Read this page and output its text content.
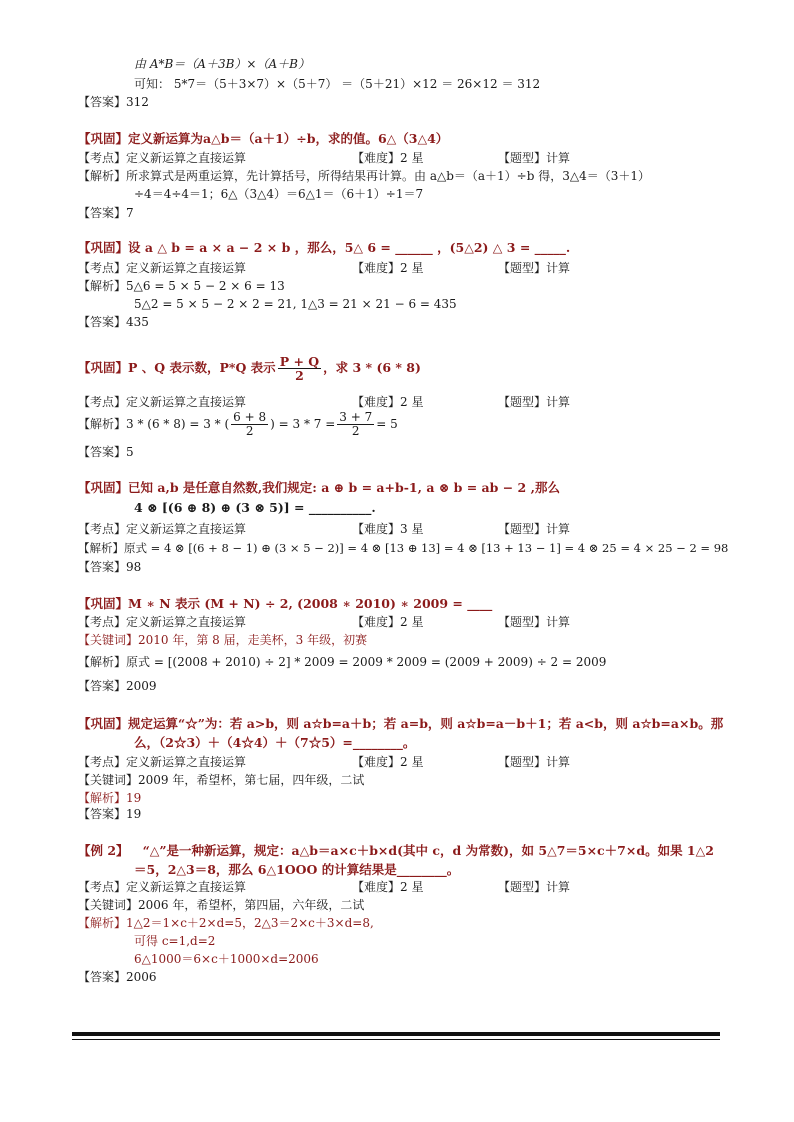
由 A*B＝（A＋3B）×（A＋B）
可知： 5*7＝（5＋3×7）×（5＋7） ＝（5＋21）×12 ＝ 26×12 ＝ 312
【答案】312
【巩固】定义新运算为a△b＝（a＋1）÷b，求的值。6△（3△4）
【考点】定义新运算之直接运算	【难度】2 星	【题型】计算
【解析】所求算式是两重运算，先计算括号，所得结果再计算。由 a△b＝（a＋1）÷b 得，3△4＝（3＋1）
÷4＝4÷4＝1；6△（3△4）＝6△1＝（6＋1）÷1＝7
【答案】7
【巩固】设 a △ b = a × a − 2 × b ，那么，5△ 6 = ______ ，(5△2) △ 3 = _____.
【考点】定义新运算之直接运算	【难度】2 星	【题型】计算
【解析】5△6 = 5 × 5 − 2 × 6 = 13
5△2 = 5 × 5 − 2 × 2 = 21, 1△3 = 21 × 21 − 6 = 435
【答案】435
【巩固】P 、Q 表示数，P*Q 表示 $\frac{P + Q}{2}$ ，求 3 * (6 * 8)
【考点】定义新运算之直接运算	【难度】2 星	【题型】计算
【解析】3 * (6 * 8) = 3 * ( $\frac{6 + 8}{2}$ ) = $3 * 7 = \frac{3 + 7}{2} = 5$
【答案】5
【巩固】已知 a,b 是任意自然数,我们规定: a ⊕ b = a+b-1, a ⊗ b = ab − 2 ,那么
4 ⊗ [(6 ⊕ 8) ⊕ (3 ⊗ 5)] = __________.
【考点】定义新运算之直接运算	【难度】3 星	【题型】计算
【解析】原式 = 4 ⊗ [(6 + 8 − 1) ⊕ (3 × 5 − 2)] = 4 ⊗ [13 ⊕ 13] = 4 ⊗ [13 + 13 − 1] = 4 ⊗ 25 = 4 × 25 − 2 = 98
【答案】98
【巩固】M ∗ N 表示 (M + N) ÷ 2, (2008 ∗ 2010) ∗ 2009 = ____
【考点】定义新运算之直接运算	【难度】2 星	【题型】计算
【关键词】2010 年，第 8 届，走美杯，3 年级，初赛
【解析】原式 = [(2008 + 2010) ÷ 2] * 2009 = 2009 * 2009 = (2009 + 2009) ÷ 2 = 2009
【答案】2009
【巩固】规定运算“☆”为：若 a>b，则 a☆b=a＋b；若 a=b，则 a☆b=a－b＋1；若 a<b，则 a☆b=a×b。那
么，（2☆3）＋（4☆4）＋（7☆5）=________。
【考点】定义新运算之直接运算	【难度】2 星	【题型】计算
【关键词】2009 年，希望杯，第七届，四年级，二试
【解析】19
【答案】19
【例 2】 “△”是一种新运算，规定：a△b＝a×c＋b×d(其中 c，d 为常数)，如 5△7＝5×c＋7×d。如果 1△2
＝5，2△3＝8，那么 6△1OOO 的计算结果是________。
【考点】定义新运算之直接运算	【难度】2 星	【题型】计算
【关键词】2006 年，希望杯，第四届，六年级，二试
【解析】1△2＝1×c＋2×d=5，2△3＝2×c＋3×d=8,
可得 c=1,d=2
6△1000＝6×c＋1000×d=2006
【答案】2006
